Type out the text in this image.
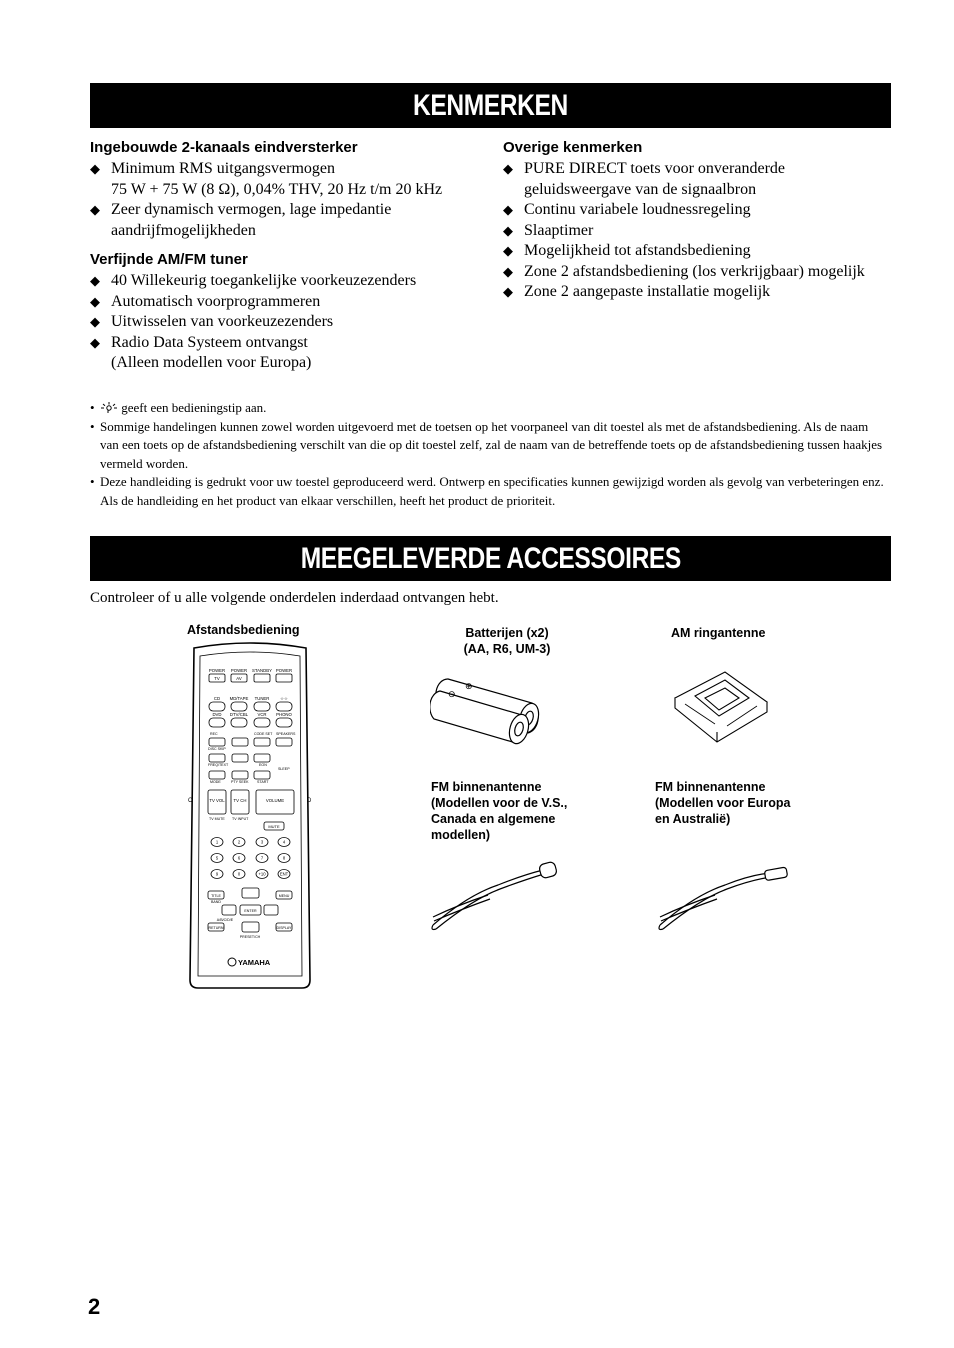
KENMERKEN
Ingebouwde 2-kanaals eindversterker
◆ Minimum RMS uitgangsvermogen
75 W + 75 W (8 Ω), 0,04% THV, 20 Hz t/m 20 kHz
◆ Zeer dynamisch vermogen, lage impedantie
aandrijfmogelijkheden
Verfijnde AM/FM tuner
◆ 40 Willekeurig toegankelijke voorkeuzezenders
◆ Automatisch voorprogrammeren
◆ Uitwisselen van voorkeuzezenders
◆ Radio Data Systeem ontvangst
(Alleen modellen voor Europa)
Overige kenmerken
◆ PURE DIRECT toets voor onveranderde
geluidsweergave van de signaalbron
◆ Continu variabele loudnessregeling
◆ Slaaptimer
◆ Mogelijkheid tot afstandsbediening
◆ Zone 2 afstandsbediening (los verkrijgbaar) mogelijk
◆ Zone 2 aangepaste installatie mogelijk
• geeft een bedieningstip aan.
• Sommige handelingen kunnen zowel worden uitgevoerd met de toetsen op het voorpaneel van dit toestel als met de afstandsbediening. Als de naam van een toets op de afstandsbediening verschilt van die op dit toestel zelf, zal de naam van de betreffende toets op de afstandsbediening tussen haakjes vermeld worden.
• Deze handleiding is gedrukt voor uw toestel geproduceerd werd. Ontwerp en specificaties kunnen gewijzigd worden als gevolg van verbeteringen enz. Als de handleiding en het product van elkaar verschillen, heeft het product de prioriteit.
MEEGELEVERDE ACCESSOIRES
Controleer of u alle volgende onderdelen inderdaad ontvangen hebt.
Afstandsbediening	Batterijen (x2)
(AA, R6, UM-3)
AM ringantenne
FM binnenantenne
(Modellen voor de V.S.,
Canada en algemene
modellen)
FM binnenantenne
(Modellen voor Europa
en Australië)
C	D
POWER POWER STANDBY POWER
TV	AV
CD MD/TAPE TUNER ☆☆
DVD DTV/CBL VCR PHONO
REC	CODE SET SPEAKERS
DISC SKIP
SLEEP
FREQ/TEXT	EON
MODE	PTY SEEK START
TV VOL TV CH	VOLUME
TV MUTE TV INPUT
MUTE
1	2	3	4
5	6	7	8
9	0	+10	ENT
TITLE	MENU
ENTER
RETURN	DISPLAY
BAND
A/B/C/D/E
PRESET/CH
YAMAHA
⊖
⊕
2
